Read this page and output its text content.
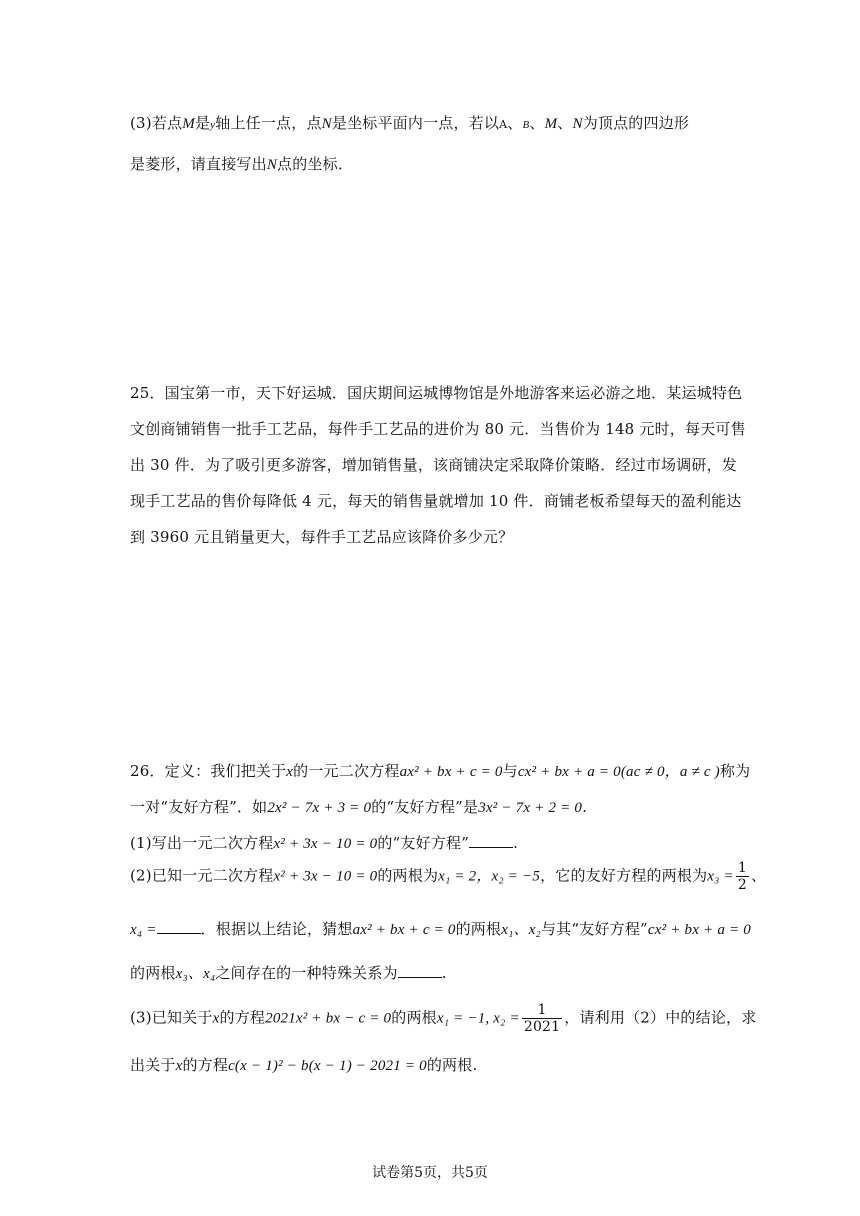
(3)若点M是y轴上任一点，点N是坐标平面内一点，若以A、B、M、N为顶点的四边形
是菱形，请直接写出N点的坐标．
25．国宝第一市，天下好运城．国庆期间运城博物馆是外地游客来运必游之地．某运城特色
文创商铺销售一批手工艺品，每件手工艺品的进价为 80 元．当售价为 148 元时，每天可售
出 30 件．为了吸引更多游客，增加销售量，该商铺决定采取降价策略．经过市场调研，发
现手工艺品的售价每降低 4 元，每天的销售量就增加 10 件．商铺老板希望每天的盈利能达
到 3960 元且销量更大，每件手工艺品应该降价多少元？
26．定义：我们把关于x的一元二次方程ax² + bx + c = 0与cx² + bx + a = 0(ac ≠ 0，a ≠ c )称为
一对“友好方程”．如2x² − 7x + 3 = 0的“友好方程”是3x² − 7x + 2 = 0.
(1)写出一元二次方程x² + 3x − 10 = 0的“友好方程”	.
(2)已知一元二次方程x² + 3x − 10 = 0的两根为x₁ = 2，x₂ = −5，它的友好方程的两根为$x_3 = \frac{1}{2}$ 、
x₄ =	．根据以上结论，猜想ax² + bx + c = 0的两根x₁、x₂与其“友好方程”cx² + bx + a = 0
的两根x₃、x₄之间存在的一种特殊关系为	.
(3)已知关于x的方程2021x² + bx − c = 0的两根x₁ = −1, $x_2 = \frac{1}{2021}$ ，请利用（2）中的结论，求
出关于x的方程c(x − 1)² − b(x − 1) − 2021 = 0的两根.
试卷第5页，共5页
